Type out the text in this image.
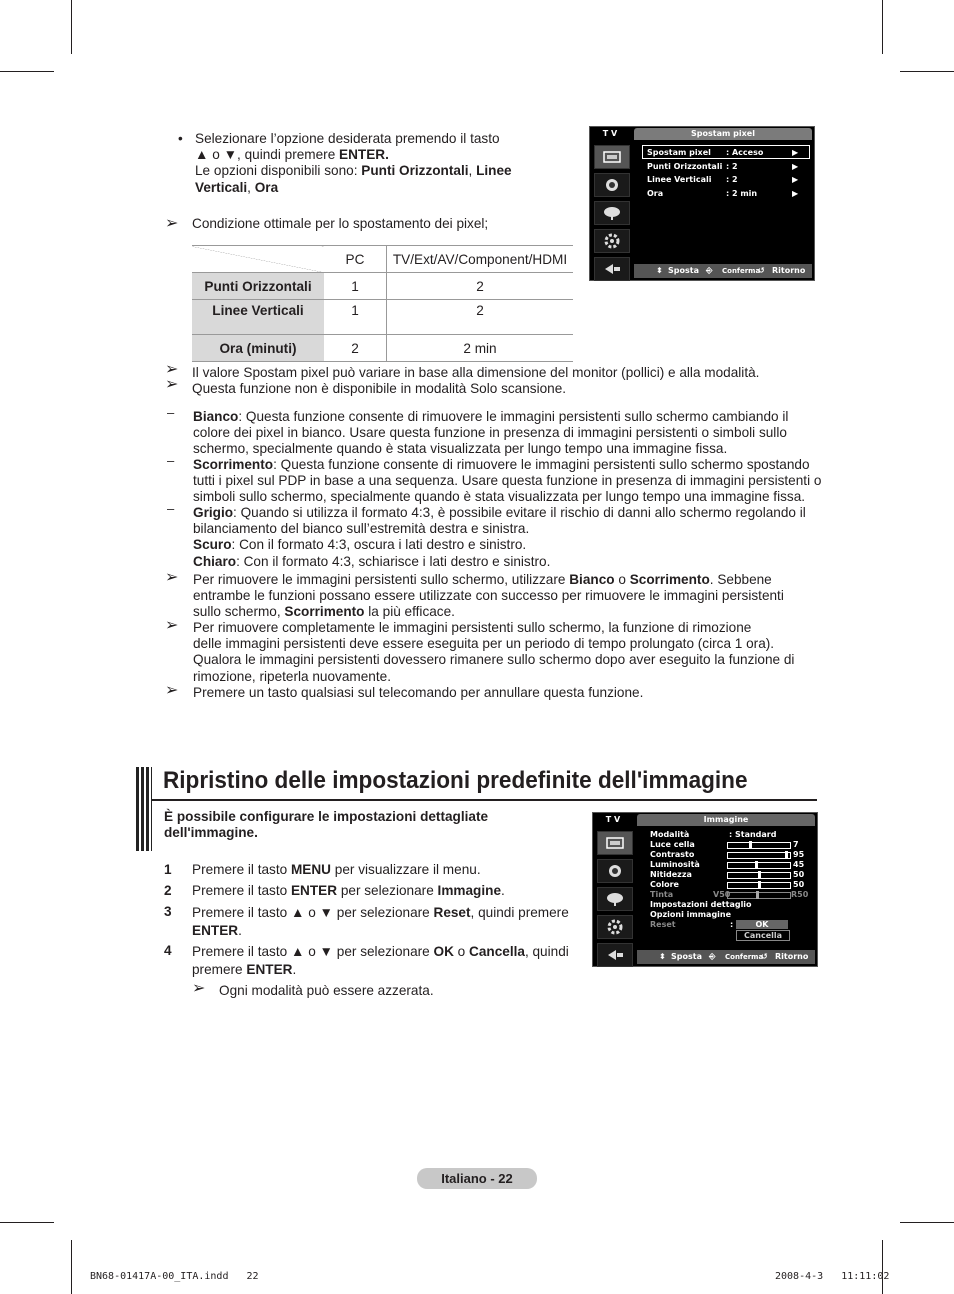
• Selezionare l’opzione desiderata premendo il tasto
▲ o ▼, quindi premere ENTER.
Le opzioni disponibili sono: Punti Orizzontali, Linee
Verticali, Ora
➢ Condizione ottimale per lo spostamento dei pixel;
	PC	TV/Ext/AV/Component/HDMI
Punti Orizzontali	1	2
Linee Verticali	1	2
Ora (minuti)	2	2 min
➢ Il valore Spostam pixel può variare in base alla dimensione del monitor (pollici) e alla modalità.
➢ Questa funzione non è disponibile in modalità Solo scansione.
– Bianco: Questa funzione consente di rimuovere le immagini persistenti sullo schermo cambiando il
colore dei pixel in bianco. Usare questa funzione in presenza di immagini persistenti o simboli sullo
schermo, specialmente quando è stata visualizzata per lungo tempo una immagine fissa.
– Scorrimento: Questa funzione consente di rimuovere le immagini persistenti sullo schermo spostando
tutti i pixel sul PDP in base a una sequenza. Usare questa funzione in presenza di immagini persistenti o
simboli sullo schermo, specialmente quando è stata visualizzata per lungo tempo una immagine fissa.
– Grigio: Quando si utilizza il formato 4:3, è possibile evitare il rischio di danni allo schermo regolando il
bilanciamento del bianco sull’estremità destra e sinistra.
Scuro: Con il formato 4:3, oscura i lati destro e sinistro.
Chiaro: Con il formato 4:3, schiarisce i lati destro e sinistro.
➢ Per rimuovere le immagini persistenti sullo schermo, utilizzare Bianco o Scorrimento. Sebbene
entrambe le funzioni possano essere utilizzate con successo per rimuovere le immagini persistenti
sullo schermo, Scorrimento la più efficace.
➢ Per rimuovere completamente le immagini persistenti sullo schermo, la funzione di rimozione
delle immagini persistenti deve essere eseguita per un periodo di tempo prolungato (circa 1 ora).
Qualora le immagini persistenti dovessero rimanere sullo schermo dopo aver eseguito la funzione di
rimozione, ripeterla nuovamente.
➢ Premere un tasto qualsiasi sul telecomando per annullare questa funzione.
T V	Spostam pixel
Spostam pixel : Acceso	▶
Punti Orizzontali : 2	▶
Linee Verticali : 2	▶
Ora	: 2 min	▶
⬍ Sposta ⎆ Conferma
↺ Ritorno
Ripristino delle impostazioni predefinite dell'immagine
È possibile configurare le impostazioni dettagliate
dell'immagine.
1 Premere il tasto MENU per visualizzare il menu.
2 Premere il tasto ENTER per selezionare Immagine.
3 Premere il tasto ▲ o ▼ per selezionare Reset, quindi premere
ENTER.
4 Premere il tasto ▲ o ▼ per selezionare OK o Cancella, quindi
premere ENTER.
➢ Ogni modalità può essere azzerata.
T V	Immagine
Modalità	: Standard
Tinta	V50	R50
Impostazioni dettaglio
Opzioni immagine
Reset	:	OK
Cancella
⬍ Sposta ⎆ Conferma
↺ Ritorno
Luce cella	7
Contrasto	95
Luminosità	45
Nitidezza	50
Colore	50
Italiano - 22
BN68-01417A-00_ITA.indd   22	2008-4-3   11:11:02
